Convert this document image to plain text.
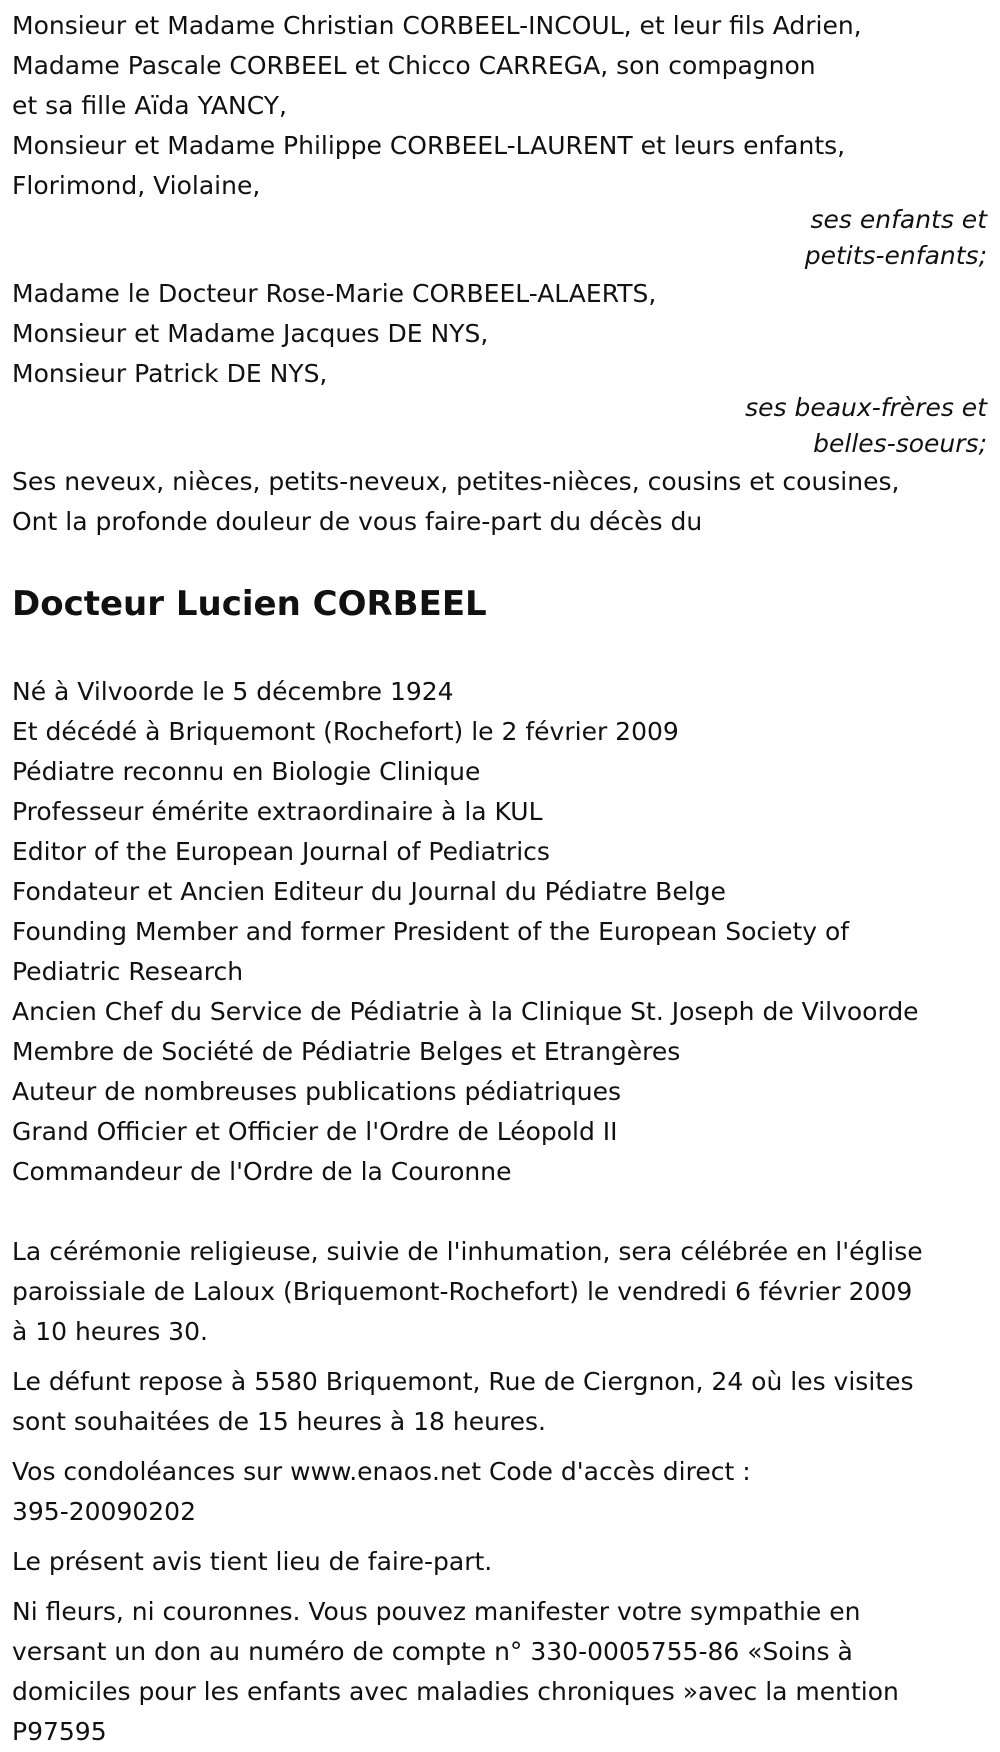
Monsieur et Madame Christian CORBEEL-INCOUL, et leur fils Adrien,
Madame Pascale CORBEEL et Chicco CARREGA, son compagnon
et sa fille Aïda YANCY,
Monsieur et Madame Philippe CORBEEL-LAURENT et leurs enfants,
Florimond, Violaine,
ses enfants et
petits-enfants;
Madame le Docteur Rose-Marie CORBEEL-ALAERTS,
Monsieur et Madame Jacques DE NYS,
Monsieur Patrick DE NYS,
ses beaux-frères et
belles-soeurs;
Ses neveux, nièces, petits-neveux, petites-nièces, cousins et cousines,
Ont la profonde douleur de vous faire-part du décès du
Docteur Lucien CORBEEL
Né à Vilvoorde le 5 décembre 1924
Et décédé à Briquemont (Rochefort) le 2 février 2009
Pédiatre reconnu en Biologie Clinique
Professeur émérite extraordinaire à la KUL
Editor of the European Journal of Pediatrics
Fondateur et Ancien Editeur du Journal du Pédiatre Belge
Founding Member and former President of the European Society of
Pediatric Research
Ancien Chef du Service de Pédiatrie à la Clinique St. Joseph de Vilvoorde
Membre de Société de Pédiatrie Belges et Etrangères
Auteur de nombreuses publications pédiatriques
Grand Officier et Officier de l'Ordre de Léopold II
Commandeur de l'Ordre de la Couronne
La cérémonie religieuse, suivie de l'inhumation, sera célébrée en l'église
paroissiale de Laloux (Briquemont-Rochefort) le vendredi 6 février 2009
à 10 heures 30.
Le défunt repose à 5580 Briquemont, Rue de Ciergnon, 24 où les visites
sont souhaitées de 15 heures à 18 heures.
Vos condoléances sur www.enaos.net Code d'accès direct :
395-20090202
Le présent avis tient lieu de faire-part.
Ni fleurs, ni couronnes. Vous pouvez manifester votre sympathie en
versant un don au numéro de compte n° 330-0005755-86 «Soins à
domiciles pour les enfants avec maladies chroniques »avec la mention
P97595
